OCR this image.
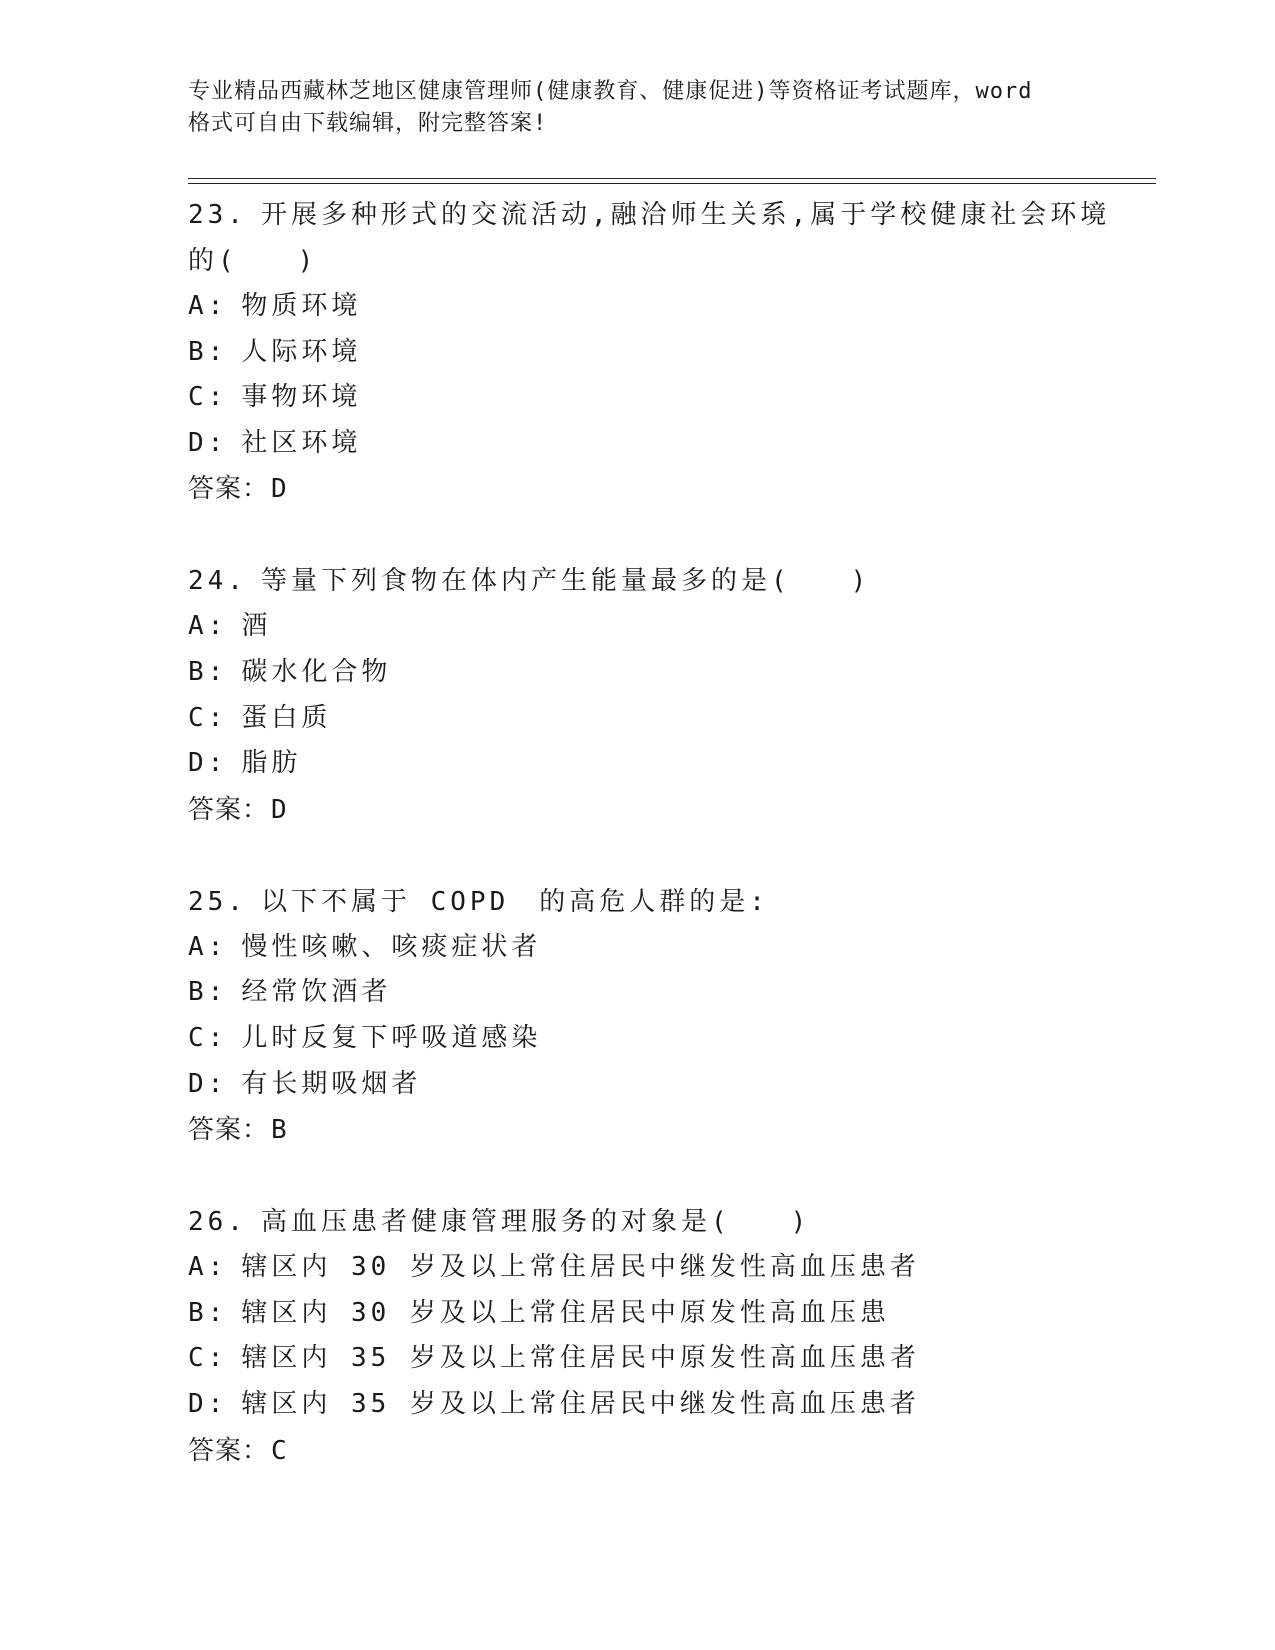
专业精品西藏林芝地区健康管理师(健康教育、健康促进)等资格证考试题库，word
格式可自由下载编辑，附完整答案!
23. 开展多种形式的交流活动,融洽师生关系,属于学校健康社会环境
的(　　)
A: 物质环境
B: 人际环境
C: 事物环境
D: 社区环境
答案：D
24. 等量下列食物在体内产生能量最多的是(　　)
A: 酒
B: 碳水化合物
C: 蛋白质
D: 脂肪
答案：D
25. 以下不属于 COPD　的高危人群的是:
A: 慢性咳嗽、咳痰症状者
B: 经常饮酒者
C: 儿时反复下呼吸道感染
D: 有长期吸烟者
答案：B
26. 高血压患者健康管理服务的对象是(　　)
A: 辖区内 30 岁及以上常住居民中继发性高血压患者
B: 辖区内 30 岁及以上常住居民中原发性高血压患
C: 辖区内 35 岁及以上常住居民中原发性高血压患者
D: 辖区内 35 岁及以上常住居民中继发性高血压患者
答案：C
